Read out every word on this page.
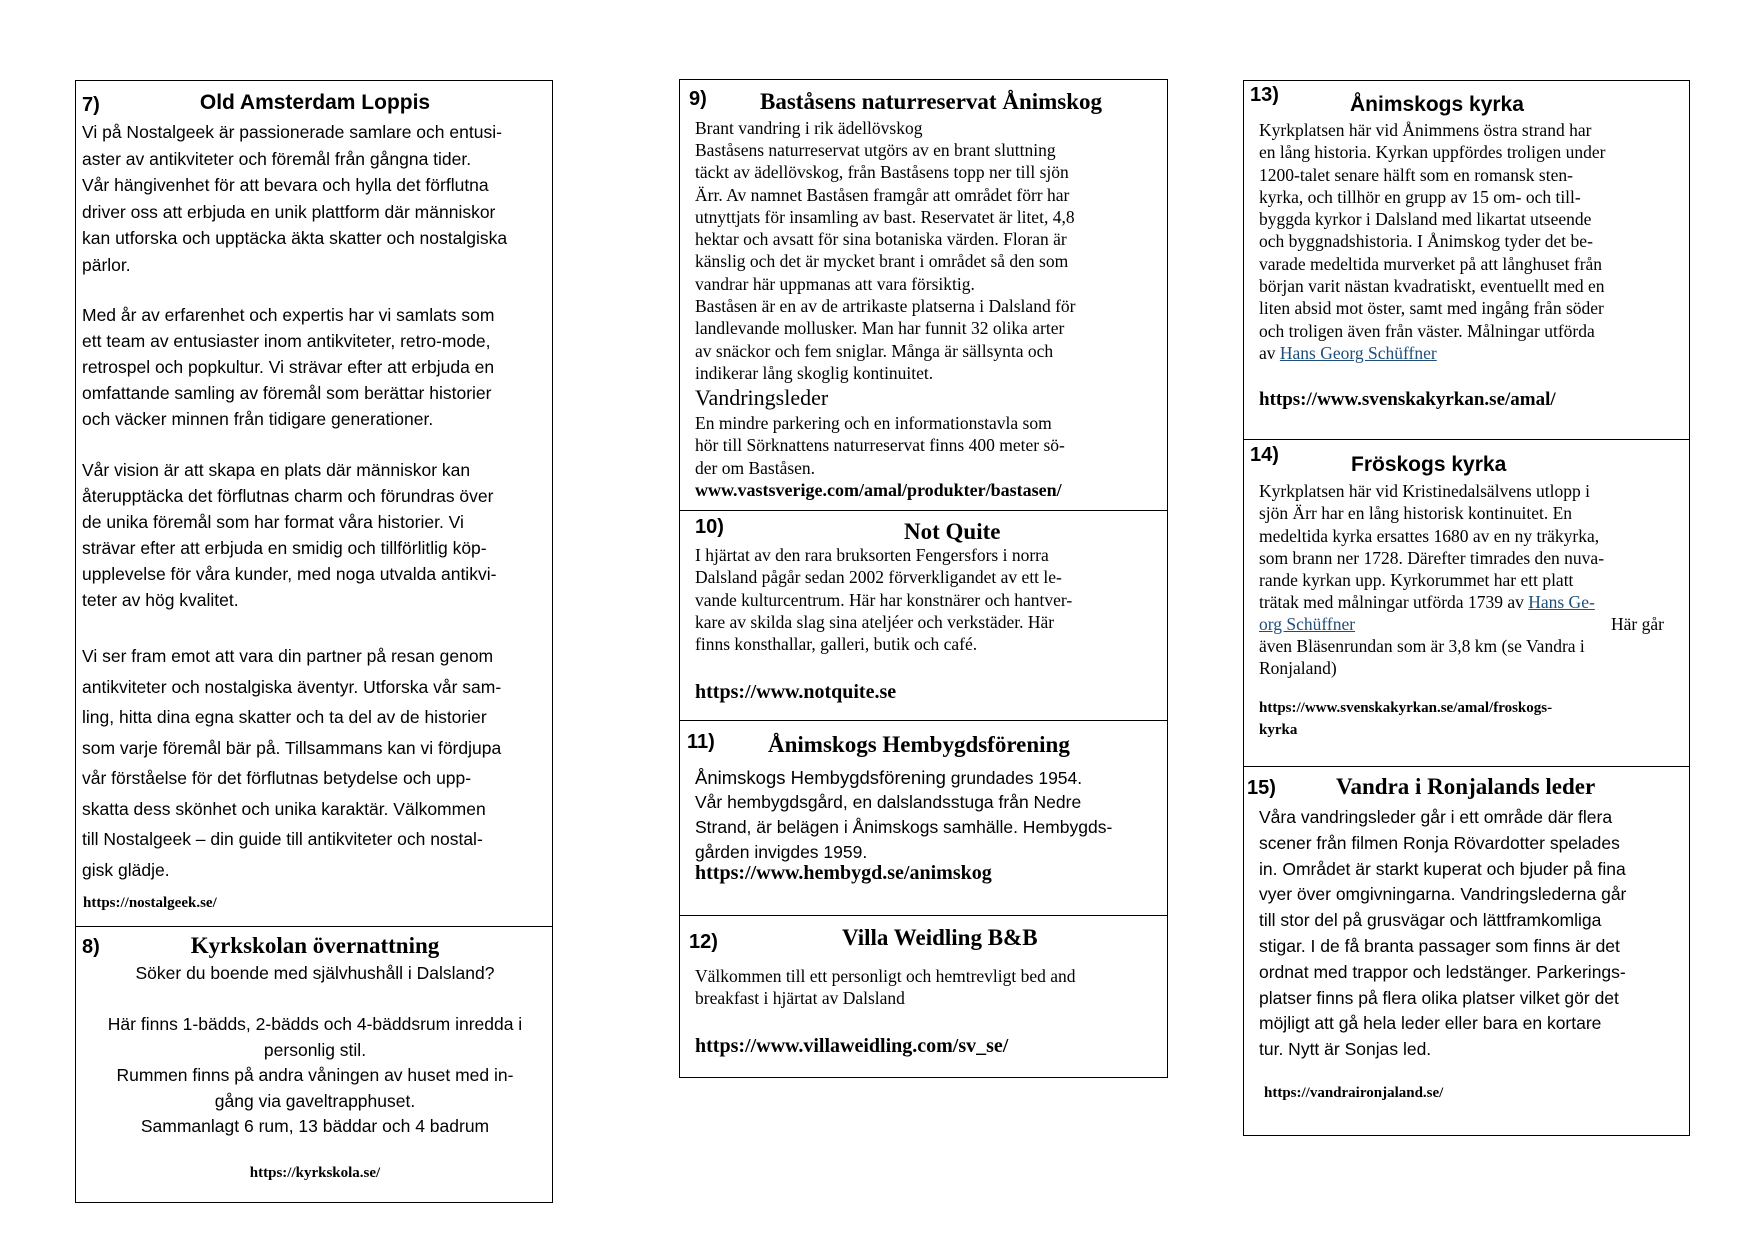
7)	Old Amsterdam Loppis
Vi på Nostalgeek är passionerade samlare och entusi-
aster av antikviteter och föremål från gångna tider.
Vår hängivenhet för att bevara och hylla det förflutna
driver oss att erbjuda en unik plattform där människor
kan utforska och upptäcka äkta skatter och nostalgiska
pärlor.
Med år av erfarenhet och expertis har vi samlats som
ett team av entusiaster inom antikviteter, retro-mode,
retrospel och popkultur. Vi strävar efter att erbjuda en
omfattande samling av föremål som berättar historier
och väcker minnen från tidigare generationer.
Vår vision är att skapa en plats där människor kan
återupptäcka det förflutnas charm och förundras över
de unika föremål som har format våra historier. Vi
strävar efter att erbjuda en smidig och tillförlitlig köp-
upplevelse för våra kunder, med noga utvalda antikvi-
teter av hög kvalitet.
Vi ser fram emot att vara din partner på resan genom
antikviteter och nostalgiska äventyr. Utforska vår sam-
ling, hitta dina egna skatter och ta del av de historier
som varje föremål bär på. Tillsammans kan vi fördjupa
vår förståelse för det förflutnas betydelse och upp-
skatta dess skönhet och unika karaktär. Välkommen
till Nostalgeek – din guide till antikviteter och nostal-
gisk glädje.
https://nostalgeek.se/
8)	Kyrkskolan övernattning
Söker du boende med självhushåll i Dalsland?

Här finns 1-bädds, 2-bädds och 4-bäddsrum inredda i
personlig stil.
Rummen finns på andra våningen av huset med in-
gång via gaveltrapphuset.
Sammanlagt 6 rum, 13 bäddar och 4 badrum
https://kyrkskola.se/
9) Baståsens naturreservat Ånimskog
Brant vandring i rik ädellövskog
Baståsens naturreservat utgörs av en brant sluttning
täckt av ädellövskog, från Baståsens topp ner till sjön
Ärr. Av namnet Baståsen framgår att området förr har
utnyttjats för insamling av bast. Reservatet är litet, 4,8
hektar och avsatt för sina botaniska värden. Floran är
känslig och det är mycket brant i området så den som
vandrar här uppmanas att vara försiktig.
Baståsen är en av de artrikaste platserna i Dalsland för
landlevande mollusker. Man har funnit 32 olika arter
av snäckor och fem sniglar. Många är sällsynta och
indikerar lång skoglig kontinuitet.
Vandringsleder
En mindre parkering och en informationstavla som
hör till Sörknattens naturreservat finns 400 meter sö-
der om Baståsen.
www.vastsverige.com/amal/produkter/bastasen/
10)	Not Quite
I hjärtat av den rara bruksorten Fengersfors i norra
Dalsland pågår sedan 2002 förverkligandet av ett le-
vande kulturcentrum. Här har konstnärer och hantver-
kare av skilda slag sina ateljéer och verkstäder. Här
finns konsthallar, galleri, butik och café.
https://www.notquite.se
11) Ånimskogs Hembygdsförening
Ånimskogs Hembygdsförening grundades 1954.
Vår hembygdsgård, en dalslandsstuga från Nedre
Strand, är belägen i Ånimskogs samhälle. Hembygds-
gården invigdes 1959.
https://www.hembygd.se/animskog
12)	Villa Weidling B&B
Välkommen till ett personligt och hemtrevligt bed and
breakfast i hjärtat av Dalsland
https://www.villaweidling.com/sv_se/
13)	Ånimskogs kyrka
Kyrkplatsen här vid Ånimmens östra strand har
en lång historia. Kyrkan uppfördes troligen under
1200-talet senare hälft som en romansk sten-
kyrka, och tillhör en grupp av 15 om- och till-
byggda kyrkor i Dalsland med likartat utseende
och byggnadshistoria. I Ånimskog tyder det be-
varade medeltida murverket på att långhuset från
början varit nästan kvadratiskt, eventuellt med en
liten absid mot öster, samt med ingång från söder
och troligen även från väster. Målningar utförda
av Hans Georg Schüffner
https://www.svenskakyrkan.se/amal/
14)	Fröskogs kyrka
Kyrkplatsen här vid Kristinedalsälvens utlopp i
sjön Ärr har en lång historisk kontinuitet. En
medeltida kyrka ersattes 1680 av en ny träkyrka,
som brann ner 1728. Därefter timrades den nuva-
rande kyrkan upp. Kyrkorummet har ett platt
trätak med målningar utförda 1739 av Hans Ge-
org Schüffner	Här går
även Bläsenrundan som är 3,8 km (se Vandra i
Ronjaland)
https://www.svenskakyrkan.se/amal/froskogs-
kyrka
15)	Vandra i Ronjalands leder
Våra vandringsleder går i ett område där flera
scener från filmen Ronja Rövardotter spelades
in. Området är starkt kuperat och bjuder på fina
vyer över omgivningarna. Vandringslederna går
till stor del på grusvägar och lättframkomliga
stigar. I de få branta passager som finns är det
ordnat med trappor och ledstänger. Parkerings-
platser finns på flera olika platser vilket gör det
möjligt att gå hela leder eller bara en kortare
tur. Nytt är Sonjas led.
https://vandraironjaland.se/
